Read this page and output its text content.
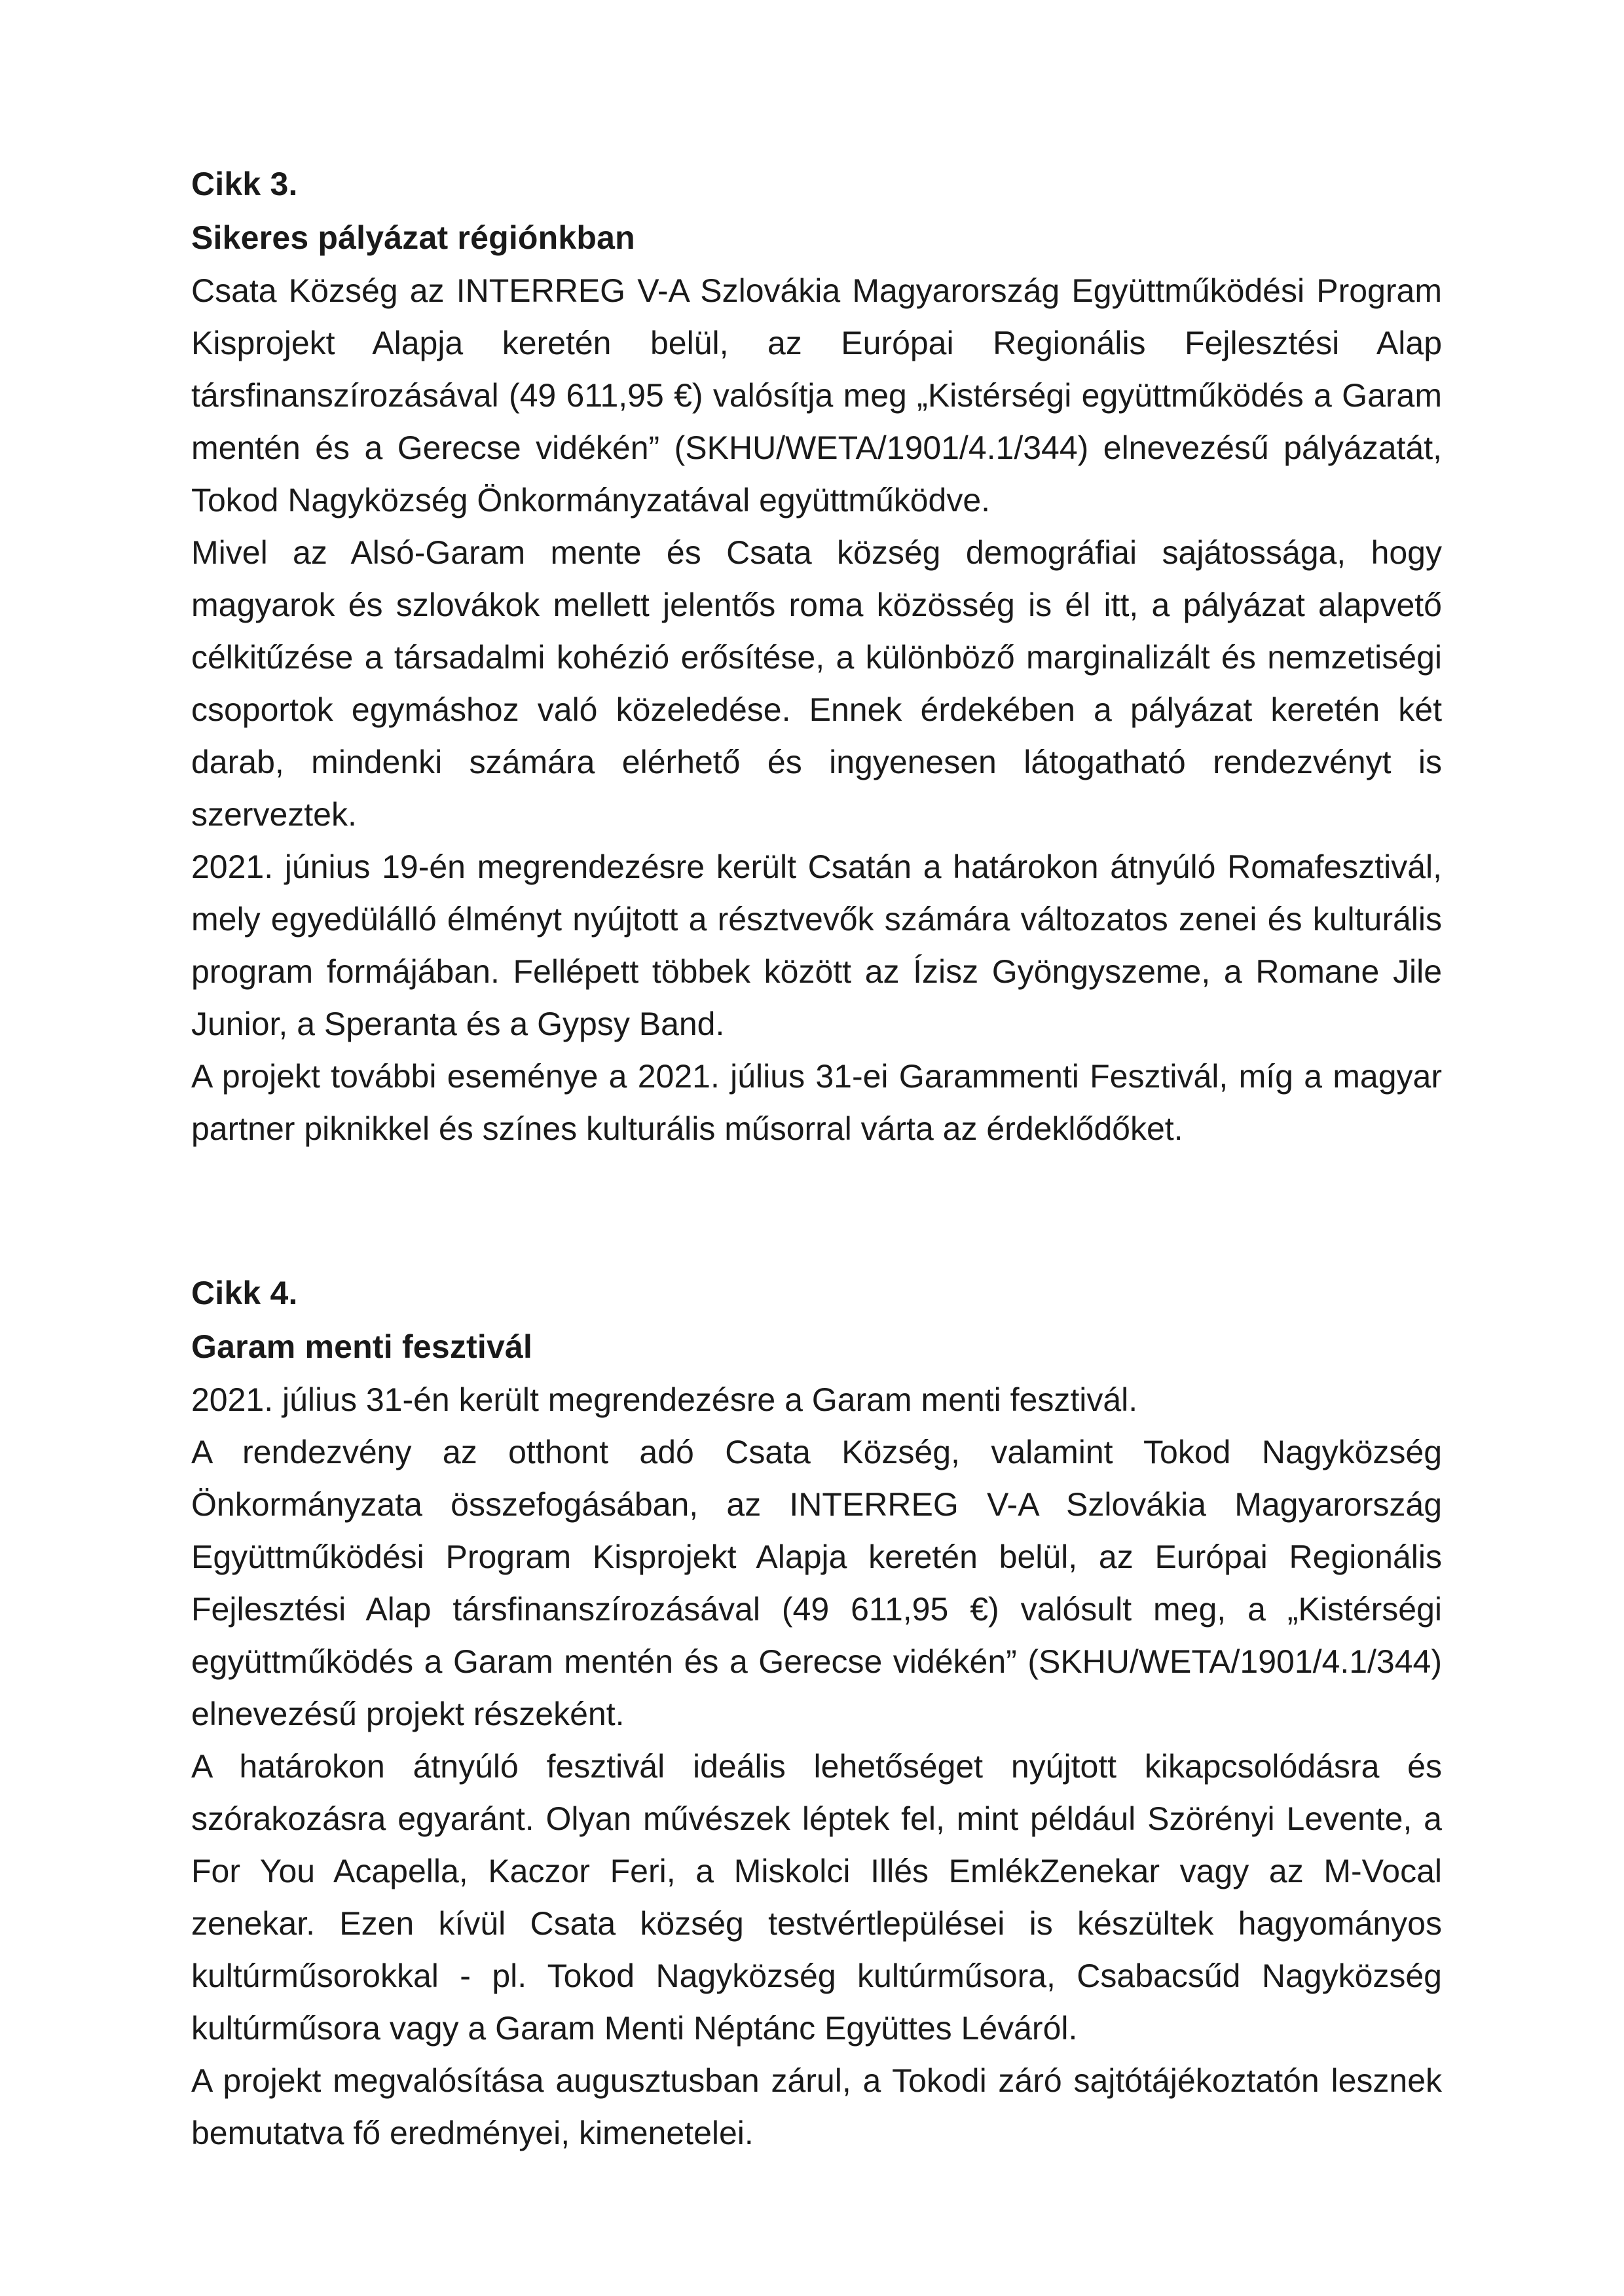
Cikk 3.
Sikeres pályázat régiónkban

Csata Község az INTERREG V-A Szlovákia Magyarország Együttműködési Program Kisprojekt Alapja keretén belül, az Európai Regionális Fejlesztési Alap társfinanszírozásával (49 611,95 €) valósítja meg „Kistérségi együttműködés a Garam mentén és a Gerecse vidékén” (SKHU/WETA/1901/4.1/344) elnevezésű pályázatát, Tokod Nagyközség Önkormányzatával együttműködve.

Mivel az Alsó-Garam mente és Csata község demográfiai sajátossága, hogy magyarok és szlovákok mellett jelentős roma közösség is él itt, a pályázat alapvető célkitűzése a társadalmi kohézió erősítése, a különböző marginalizált és nemzetiségi csoportok egymáshoz való közeledése. Ennek érdekében a pályázat keretén két darab, mindenki számára elérhető és ingyenesen látogatható rendezvényt is szerveztek.

2021. június 19-én megrendezésre került Csatán a határokon átnyúló Romafesztivál, mely egyedülálló élményt nyújtott a résztvevők számára változatos zenei és kulturális program formájában. Fellépett többek között az Ízisz Gyöngyszeme, a Romane Jile Junior, a Speranta és a Gypsy Band.

A projekt további eseménye a 2021. július 31-ei Garammenti Fesztivál, míg a magyar partner piknikkel és színes kulturális műsorral várta az érdeklődőket.

Cikk 4.
Garam menti fesztivál

2021. július 31-én került megrendezésre a Garam menti fesztivál.

A rendezvény az otthont adó Csata Község, valamint Tokod Nagyközség Önkormányzata összefogásában, az INTERREG V-A Szlovákia Magyarország Együttműködési Program Kisprojekt Alapja keretén belül, az Európai Regionális Fejlesztési Alap társfinanszírozásával (49 611,95 €) valósult meg, a „Kistérségi együttműködés a Garam mentén és a Gerecse vidékén” (SKHU/WETA/1901/4.1/344) elnevezésű projekt részeként.

A határokon átnyúló fesztivál ideális lehetőséget nyújtott kikapcsolódásra és szórakozásra egyaránt. Olyan művészek léptek fel, mint például Szörényi Levente, a For You Acapella, Kaczor Feri, a Miskolci Illés EmlékZenekar vagy az M-Vocal zenekar. Ezen kívül Csata község testvértlepülései is készültek hagyományos kultúrműsorokkal - pl. Tokod Nagyközség kultúrműsora, Csabacsűd Nagyközség kultúrműsora vagy a Garam Menti Néptánc Együttes Léváról.

A projekt megvalósítása augusztusban zárul, a Tokodi záró sajtótájékoztatón lesznek bemutatva fő eredményei, kimenetelei.
